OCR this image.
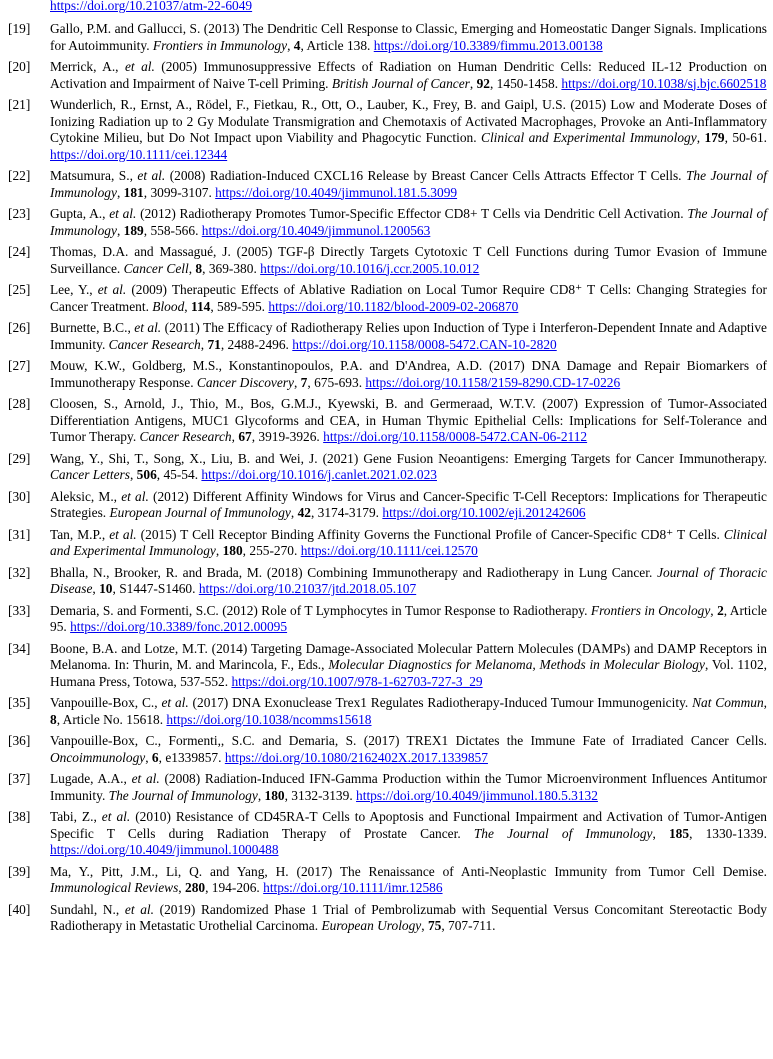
https://doi.org/10.21037/atm-22-6049
[19]	Gallo, P.M. and Gallucci, S. (2013) The Dendritic Cell Response to Classic, Emerging and Homeostatic Danger Signals. Implications for Autoimmunity. Frontiers in Immunology, 4, Article 138. https://doi.org/10.3389/fimmu.2013.00138
[20]	Merrick, A., et al. (2005) Immunosuppressive Effects of Radiation on Human Dendritic Cells: Reduced IL-12 Production on Activation and Impairment of Naive T-cell Priming. British Journal of Cancer, 92, 1450-1458. https://doi.org/10.1038/sj.bjc.6602518
[21]	Wunderlich, R., Ernst, A., Rödel, F., Fietkau, R., Ott, O., Lauber, K., Frey, B. and Gaipl, U.S. (2015) Low and Moderate Doses of Ionizing Radiation up to 2 Gy Modulate Transmigration and Chemotaxis of Activated Macrophages, Provoke an Anti-Inflammatory Cytokine Milieu, but Do Not Impact upon Viability and Phagocytic Function. Clinical and Experimental Immunology, 179, 50-61. https://doi.org/10.1111/cei.12344
[22]	Matsumura, S., et al. (2008) Radiation-Induced CXCL16 Release by Breast Cancer Cells Attracts Effector T Cells. The Journal of Immunology, 181, 3099-3107. https://doi.org/10.4049/jimmunol.181.5.3099
[23]	Gupta, A., et al. (2012) Radiotherapy Promotes Tumor-Specific Effector CD8+ T Cells via Dendritic Cell Activation. The Journal of Immunology, 189, 558-566. https://doi.org/10.4049/jimmunol.1200563
[24]	Thomas, D.A. and Massagué, J. (2005) TGF-β Directly Targets Cytotoxic T Cell Functions during Tumor Evasion of Immune Surveillance. Cancer Cell, 8, 369-380. https://doi.org/10.1016/j.ccr.2005.10.012
[25]	Lee, Y., et al. (2009) Therapeutic Effects of Ablative Radiation on Local Tumor Require CD8⁺ T Cells: Changing Strategies for Cancer Treatment. Blood, 114, 589-595. https://doi.org/10.1182/blood-2009-02-206870
[26]	Burnette, B.C., et al. (2011) The Efficacy of Radiotherapy Relies upon Induction of Type i Interferon-Dependent Innate and Adaptive Immunity. Cancer Research, 71, 2488-2496. https://doi.org/10.1158/0008-5472.CAN-10-2820
[27]	Mouw, K.W., Goldberg, M.S., Konstantinopoulos, P.A. and D'Andrea, A.D. (2017) DNA Damage and Repair Biomarkers of Immunotherapy Response. Cancer Discovery, 7, 675-693. https://doi.org/10.1158/2159-8290.CD-17-0226
[28]	Cloosen, S., Arnold, J., Thio, M., Bos, G.M.J., Kyewski, B. and Germeraad, W.T.V. (2007) Expression of Tumor-Associated Differentiation Antigens, MUC1 Glycoforms and CEA, in Human Thymic Epithelial Cells: Implications for Self-Tolerance and Tumor Therapy. Cancer Research, 67, 3919-3926. https://doi.org/10.1158/0008-5472.CAN-06-2112
[29]	Wang, Y., Shi, T., Song, X., Liu, B. and Wei, J. (2021) Gene Fusion Neoantigens: Emerging Targets for Cancer Immunotherapy. Cancer Letters, 506, 45-54. https://doi.org/10.1016/j.canlet.2021.02.023
[30]	Aleksic, M., et al. (2012) Different Affinity Windows for Virus and Cancer-Specific T-Cell Receptors: Implications for Therapeutic Strategies. European Journal of Immunology, 42, 3174-3179. https://doi.org/10.1002/eji.201242606
[31]	Tan, M.P., et al. (2015) T Cell Receptor Binding Affinity Governs the Functional Profile of Cancer-Specific CD8⁺ T Cells. Clinical and Experimental Immunology, 180, 255-270. https://doi.org/10.1111/cei.12570
[32]	Bhalla, N., Brooker, R. and Brada, M. (2018) Combining Immunotherapy and Radiotherapy in Lung Cancer. Journal of Thoracic Disease, 10, S1447-S1460. https://doi.org/10.21037/jtd.2018.05.107
[33]	Demaria, S. and Formenti, S.C. (2012) Role of T Lymphocytes in Tumor Response to Radiotherapy. Frontiers in Oncology, 2, Article 95. https://doi.org/10.3389/fonc.2012.00095
[34]	Boone, B.A. and Lotze, M.T. (2014) Targeting Damage-Associated Molecular Pattern Molecules (DAMPs) and DAMP Receptors in Melanoma. In: Thurin, M. and Marincola, F., Eds., Molecular Diagnostics for Melanoma, Methods in Molecular Biology, Vol. 1102, Humana Press, Totowa, 537-552. https://doi.org/10.1007/978-1-62703-727-3_29
[35]	Vanpouille-Box, C., et al. (2017) DNA Exonuclease Trex1 Regulates Radiotherapy-Induced Tumour Immunogenicity. Nat Commun, 8, Article No. 15618. https://doi.org/10.1038/ncomms15618
[36]	Vanpouille-Box, C., Formenti,, S.C. and Demaria, S. (2017) TREX1 Dictates the Immune Fate of Irradiated Cancer Cells. Oncoimmunology, 6, e1339857. https://doi.org/10.1080/2162402X.2017.1339857
[37]	Lugade, A.A., et al. (2008) Radiation-Induced IFN-Gamma Production within the Tumor Microenvironment Influences Antitumor Immunity. The Journal of Immunology, 180, 3132-3139. https://doi.org/10.4049/jimmunol.180.5.3132
[38]	Tabi, Z., et al. (2010) Resistance of CD45RA-T Cells to Apoptosis and Functional Impairment and Activation of Tumor-Antigen Specific T Cells during Radiation Therapy of Prostate Cancer. The Journal of Immunology, 185, 1330-1339. https://doi.org/10.4049/jimmunol.1000488
[39]	Ma, Y., Pitt, J.M., Li, Q. and Yang, H. (2017) The Renaissance of Anti-Neoplastic Immunity from Tumor Cell Demise. Immunological Reviews, 280, 194-206. https://doi.org/10.1111/imr.12586
[40]	Sundahl, N., et al. (2019) Randomized Phase 1 Trial of Pembrolizumab with Sequential Versus Concomitant Stereotactic Body Radiotherapy in Metastatic Urothelial Carcinoma. European Urology, 75, 707-711.
